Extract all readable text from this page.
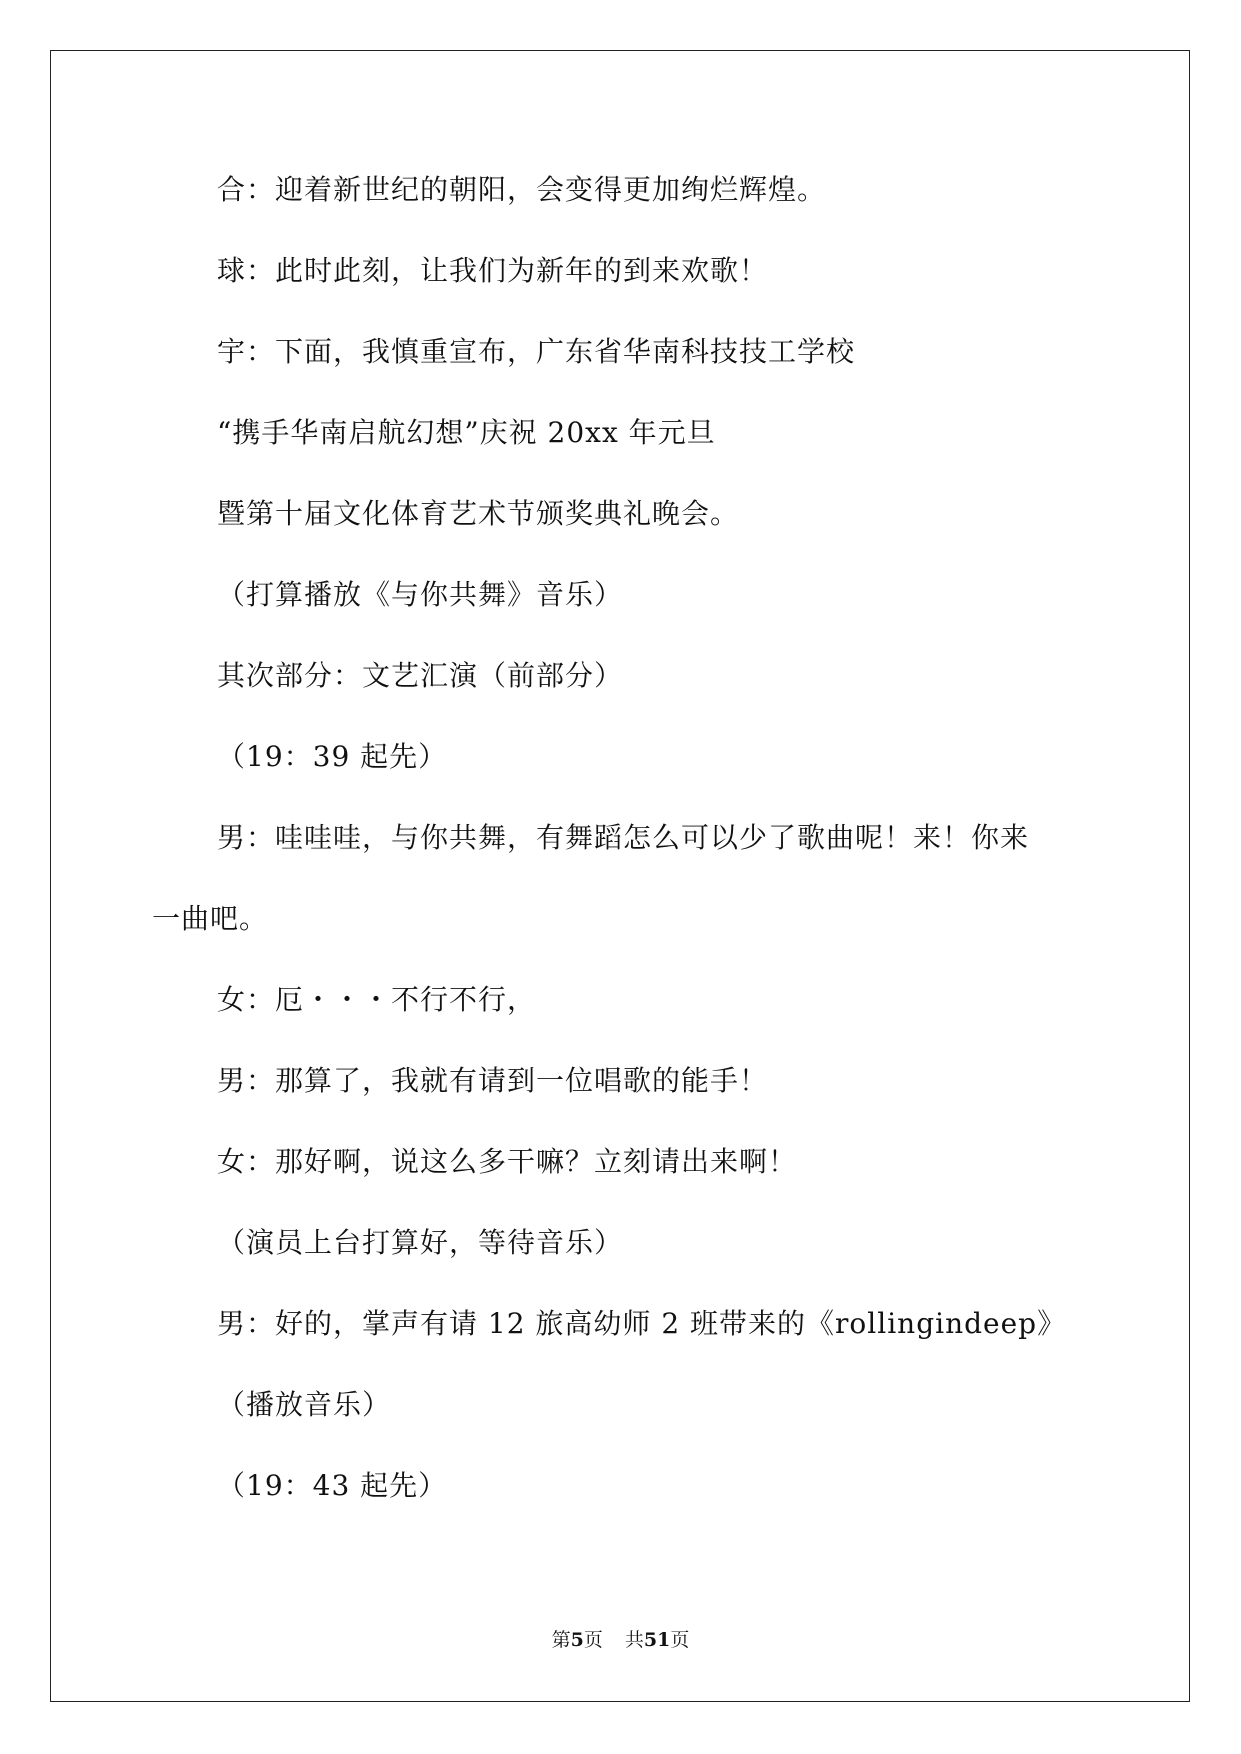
合：迎着新世纪的朝阳，会变得更加绚烂辉煌。
球：此时此刻，让我们为新年的到来欢歌！
宇：下面，我慎重宣布，广东省华南科技技工学校
“携手华南启航幻想”庆祝 20xx 年元旦
暨第十届文化体育艺术节颁奖典礼晚会。
（打算播放《与你共舞》音乐）
其次部分：文艺汇演（前部分）
（19：39 起先）
男：哇哇哇，与你共舞，有舞蹈怎么可以少了歌曲呢！来！你来
一曲吧。
女：厄・・・不行不行，
男：那算了，我就有请到一位唱歌的能手！
女：那好啊，说这么多干嘛？立刻请出来啊！
（演员上台打算好，等待音乐）
男：好的，掌声有请 12 旅高幼师 2 班带来的《rollingindeep》
（播放音乐）
（19：43 起先）
第5页 共51页
